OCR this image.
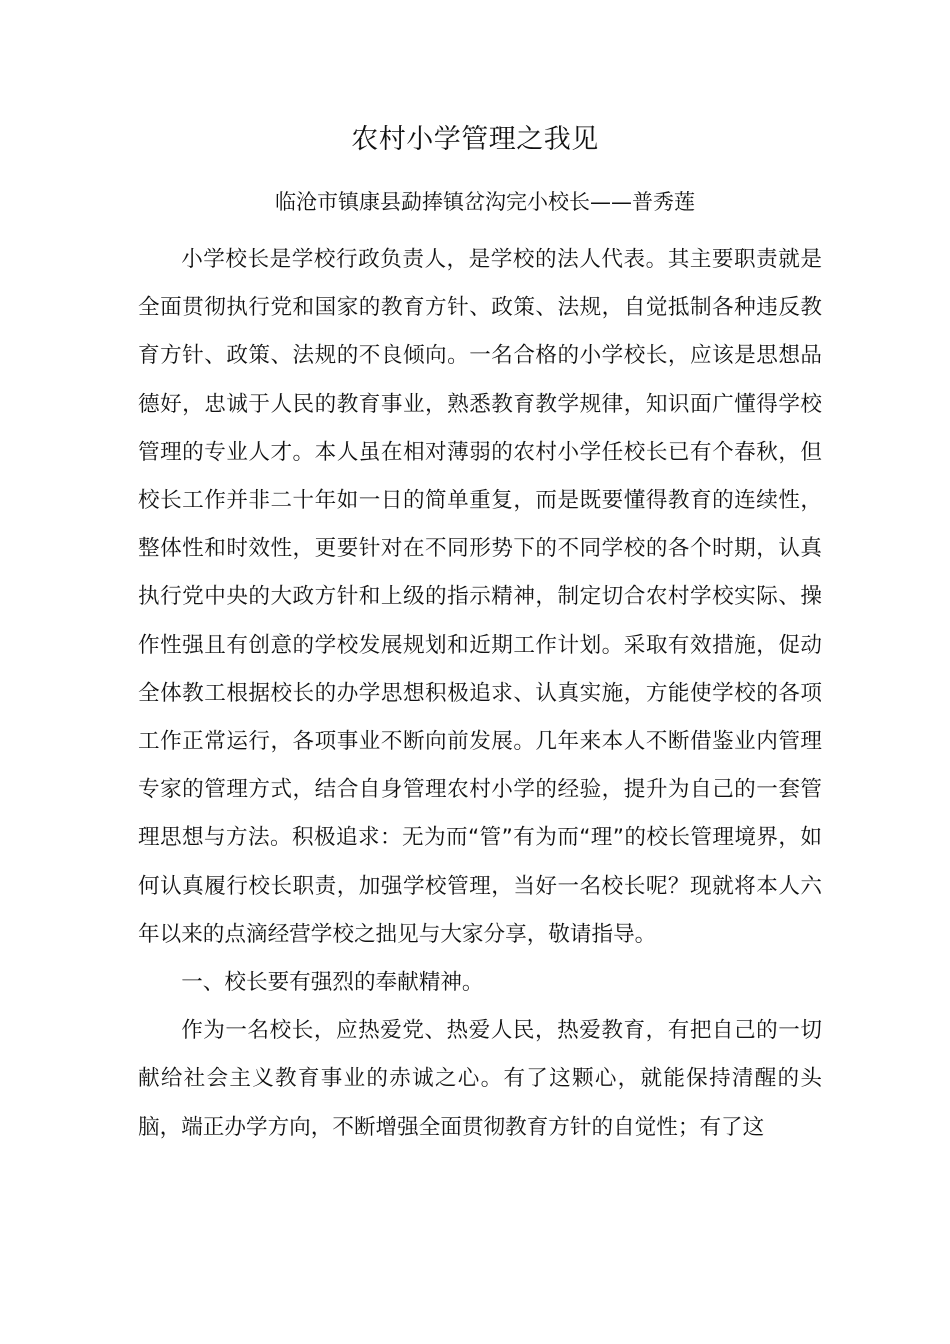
农村小学管理之我见

临沧市镇康县勐捧镇岔沟完小校长——普秀莲

小学校长是学校行政负责人，是学校的法人代表。其主要职责就是全面贯彻执行党和国家的教育方针、政策、法规，自觉抵制各种违反教育方针、政策、法规的不良倾向。一名合格的小学校长，应该是思想品德好，忠诚于人民的教育事业，熟悉教育教学规律，知识面广懂得学校管理的专业人才。本人虽在相对薄弱的农村小学任校长已有个春秋，但校长工作并非二十年如一日的简单重复，而是既要懂得教育的连续性，整体性和时效性，更要针对在不同形势下的不同学校的各个时期，认真执行党中央的大政方针和上级的指示精神，制定切合农村学校实际、操作性强且有创意的学校发展规划和近期工作计划。采取有效措施，促动全体教工根据校长的办学思想积极追求、认真实施，方能使学校的各项工作正常运行，各项事业不断向前发展。几年来本人不断借鉴业内管理专家的管理方式，结合自身管理农村小学的经验，提升为自己的一套管理思想与方法。积极追求：无为而“管”有为而“理”的校长管理境界，如何认真履行校长职责，加强学校管理，当好一名校长呢？现就将本人六年以来的点滴经营学校之拙见与大家分享，敬请指导。

一、校长要有强烈的奉献精神。

作为一名校长，应热爱党、热爱人民，热爱教育，有把自己的一切献给社会主义教育事业的赤诚之心。有了这颗心，就能保持清醒的头脑，端正办学方向，不断增强全面贯彻教育方针的自觉性；有了这
